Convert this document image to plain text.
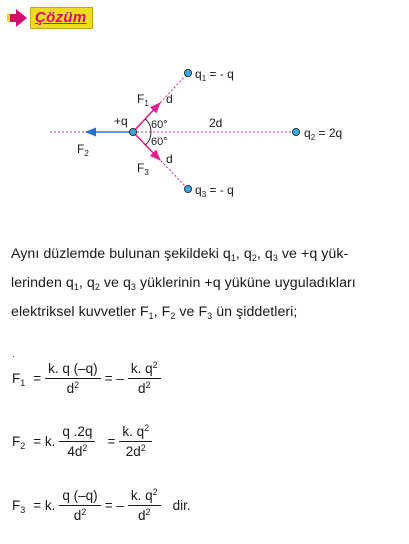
Çözüm
$q_1$ = - q
$q_2 = 2q$
$q_3$ = - q
+q
$F_1$
$F_2$
$F_3$
60°
60°
d
d
2d
Aynı düzlemde bulunan şekildeki $q_1$, $q_2$, $q_3$ ve +q yük-
lerinden $q_1$, $q_2$ ve $q_3$ yüklerinin +q yüküne uyguladıkları
elektriksel kuvvetler $F_1$, $F_2$ ve $F_3$ ün şiddetleri;
.
$F_1 = \frac{k. q (-q)}{d^2}$ = – $\frac{k. q^2}{d^2}$
$F_2 = k$. $\frac{q .2q}{4d^2} = \frac{k. q^2}{2d^2}$
$F_3 = k$. $\frac{q (-q)}{d^2}$ = – $\frac{k. q^2}{d^2}$ dir.
